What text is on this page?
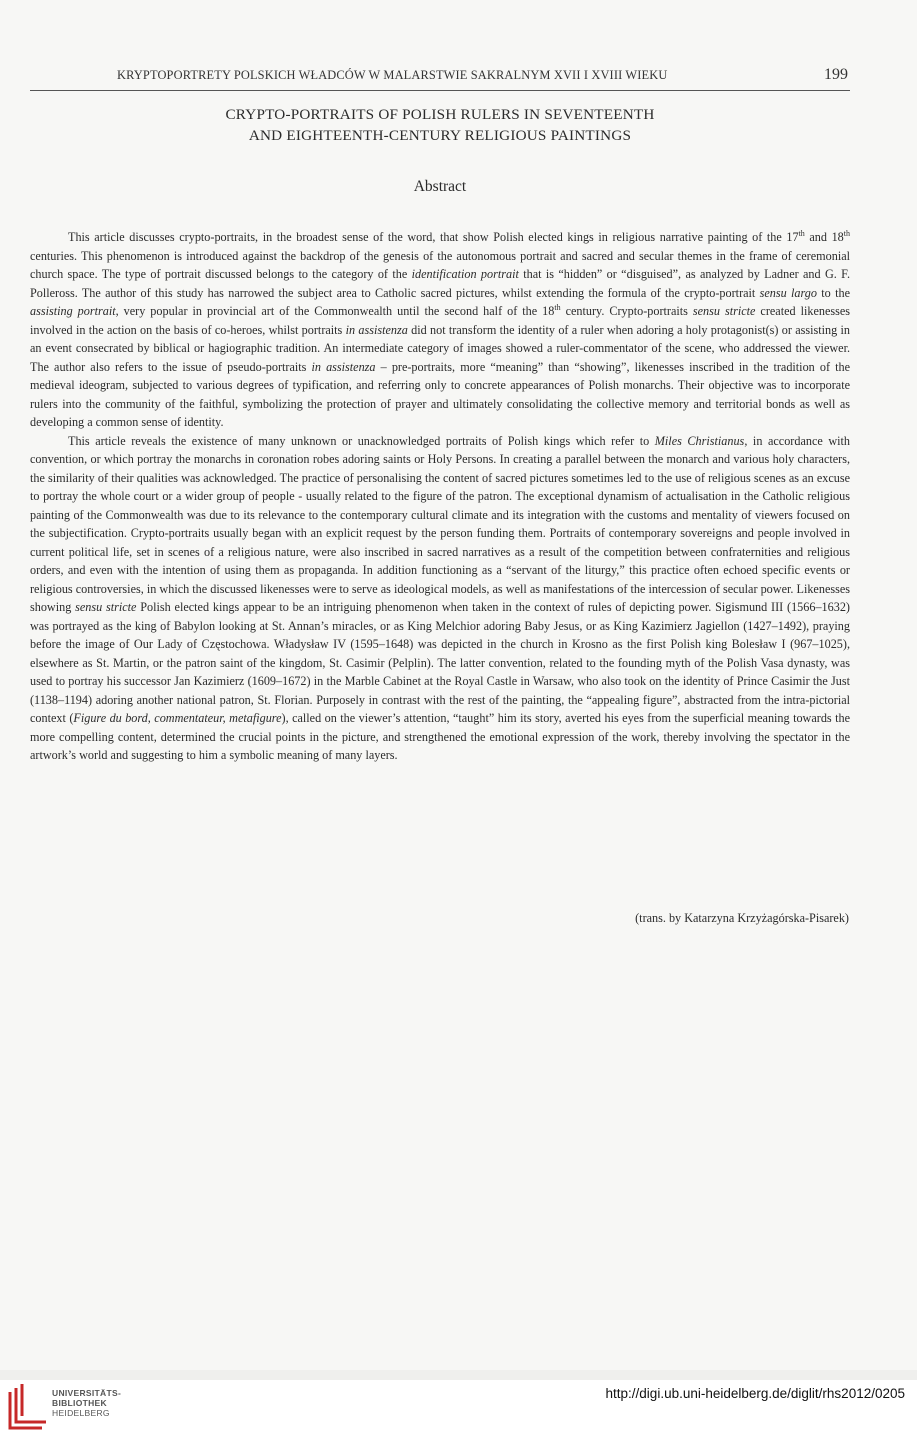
KRYPTOPORTRETY POLSKICH WŁADCÓW W MALARSTWIE SAKRALNYM XVII I XVIII WIEKU	199
CRYPTO-PORTRAITS OF POLISH RULERS IN SEVENTEENTH
AND EIGHTEENTH-CENTURY RELIGIOUS PAINTINGS
Abstract

This article discusses crypto-portraits, in the broadest sense of the word, that show Polish elected kings in religious narrative painting of the 17th and 18th centuries. This phenomenon is introduced against the backdrop of the genesis of the autonomous portrait and sacred and secular themes in the frame of ceremonial church space. The type of portrait discussed belongs to the category of the identification portrait that is “hidden” or “disguised”, as analyzed by Ladner and G. F. Polleross. The author of this study has narrowed the subject area to Catholic sacred pictures, whilst extending the formula of the crypto-portrait sensu largo to the assisting portrait, very popular in provincial art of the Commonwealth until the second half of the 18th century. Crypto-portraits sensu stricte created likenesses involved in the action on the basis of co-heroes, whilst portraits in assistenza did not transform the identity of a ruler when adoring a holy protagonist(s) or assisting in an event consecrated by biblical or hagiographic tradition. An intermediate category of images showed a ruler-commentator of the scene, who addressed the viewer. The author also refers to the issue of pseudo-portraits in assistenza – pre-portraits, more “meaning” than “showing”, likenesses inscribed in the tradition of the medieval ideogram, subjected to various degrees of typification, and referring only to concrete appearances of Polish monarchs. Their objective was to incorporate rulers into the community of the faithful, symbolizing the protection of prayer and ultimately consolidating the collective memory and territorial bonds as well as developing a common sense of identity.

This article reveals the existence of many unknown or unacknowledged portraits of Polish kings which refer to Miles Christianus, in accordance with convention, or which portray the monarchs in coronation robes adoring saints or Holy Persons. In creating a parallel between the monarch and various holy characters, the similarity of their qualities was acknowledged. The practice of personalising the content of sacred pictures sometimes led to the use of religious scenes as an excuse to portray the whole court or a wider group of people - usually related to the figure of the patron. The exceptional dynamism of actualisation in the Catholic religious painting of the Commonwealth was due to its relevance to the contemporary cultural climate and its integration with the customs and mentality of viewers focused on the subjectification. Crypto-portraits usually began with an explicit request by the person funding them. Portraits of contemporary sovereigns and people involved in current political life, set in scenes of a religious nature, were also inscribed in sacred narratives as a result of the competition between confraternities and religious orders, and even with the intention of using them as propaganda. In addition functioning as a “servant of the liturgy,” this practice often echoed specific events or religious controversies, in which the discussed likenesses were to serve as ideological models, as well as manifestations of the intercession of secular power. Likenesses showing sensu stricte Polish elected kings appear to be an intriguing phenomenon when taken in the context of rules of depicting power. Sigismund III (1566–1632) was portrayed as the king of Babylon looking at St. Annan’s miracles, or as King Melchior adoring Baby Jesus, or as King Kazimierz Jagiellon (1427–1492), praying before the image of Our Lady of Częstochowa. Władysław IV (1595–1648) was depicted in the church in Krosno as the first Polish king Bolesław I (967–1025), elsewhere as St. Martin, or the patron saint of the kingdom, St. Casimir (Pelplin). The latter convention, related to the founding myth of the Polish Vasa dynasty, was used to portray his successor Jan Kazimierz (1609–1672) in the Marble Cabinet at the Royal Castle in Warsaw, who also took on the identity of Prince Casimir the Just (1138–1194) adoring another national patron, St. Florian. Purposely in contrast with the rest of the painting, the “appealing figure”, abstracted from the intra-pictorial context (Figure du bord, commentateur, metafigure), called on the viewer’s attention, “taught” him its story, averted his eyes from the superficial meaning towards the more compelling content, determined the crucial points in the picture, and strengthened the emotional expression of the work, thereby involving the spectator in the artwork’s world and suggesting to him a symbolic meaning of many layers.

(trans. by Katarzyna Krzyżagórska-Pisarek)
UNIVERSITÄTS-
BIBLIOTHEK
HEIDELBERG
http://digi.ub.uni-heidelberg.de/diglit/rhs2012/0205
